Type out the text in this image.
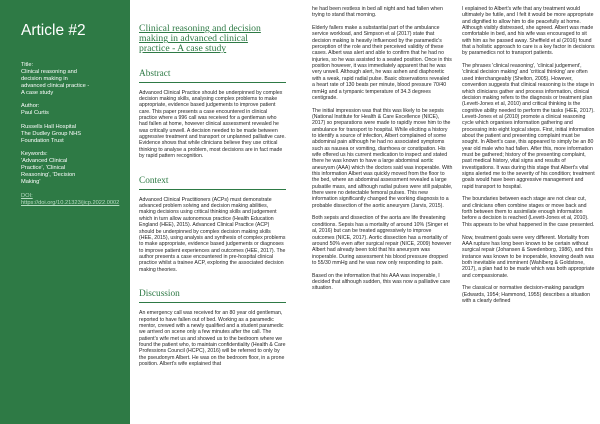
Article #2

Title:

Clinical reasoning and

decision making in

advanced clinical practice -

A case study

Author:

Paul Curtis

Russells Hall Hospital

The Dudley Group NHS

Foundation Trust

Keywords:

'Advanced Clinical

Practice', 'Clinical

Reasoning', 'Decision

Making'

DOI: https://doi.org/10.21323/jicp.2022.0002

Clinical reasoning and decision
making in advanced clinical
practice - A case study
Abstract

Advanced Clinical Practice should be underpinned by complex decision making skills, analysing complex problems to make appropriate, evidence based judgements to improve patient care. This paper presents a case encountered in clinical practice where a 996 call was received for a gentleman who had fallen at home, however clinical assessment revealed he was critically unwell. A decision needed to be made between aggressive treatment and transport or unplanned palliative care. Evidence shows that while clinicians believe they use critical thinking to analyse a problem, most decisions are in fact made by rapid pattern recognition.

Context

Advanced Clinical Practitioners (ACPs) must demonstrate advanced problem solving and decision making abilities, making decisions using critical thinking skills and judgement which in turn allow autonomous practice (Health Education England (HEE), 2015). Advanced Clinical Practice (ACP) should be underpinned by complex decision making skills (HEE, 2015), using analysis and synthesis of complex problems to make appropriate, evidence based judgements or diagnoses to improve patient experiences and outcomes (HEE, 2017). The author presents a case encountered in pre-hospital clinical practice whilst a trainee ACP, exploring the associated decision making theories.

Discussion

An emergency call was received for an 80 year old gentleman, reported to have fallen out of bed. Working as a paramedic mentor, crewed with a newly qualified and a student paramedic we arrived on scene only a few minutes after the call. The patient's wife met us and showed us to the bedroom where we found the patient who, to maintain confidentiality (Health & Care Professions Council (HCPC), 2016) will be referred to only by the pseudonym Albert. He was on the bedroom floor, in a prone position. Albert's wife explained that

he had been restless in bed all night and had fallen when trying to stand that morning.

Elderly fallers make a substantial part of the ambulance service workload, and Simpson et al (2017) state that decision making is heavily influenced by the paramedic's perception of the role and their perceived validity of these cases. Albert was alert and able to confirm that he had no injuries, so he was assisted to a seated position. Once in this position however, it was immediately apparent that he was very unwell. Although alert, he was ashen and diaphoretic with a weak, rapid radial pulse. Basic observations revealed a heart rate of 130 beats per minute, blood pressure 70/40 mmHg and a tympanic temperature of 34.3 degrees centigrade.

The initial impression was that this was likely to be sepsis (National Institute for Health & Care Excellence (NICE), 2017) so preparations were made to rapidly move him to the ambulance for transport to hospital. While eliciting a history to identify a source of infection, Albert complained of some abdominal pain although he had no associated symptoms such as nausea or vomiting, diarrhoea or constipation. His wife offered us his current medication to inspect and stated there he was known to have a large abdominal aortic aneurysm (AAA) which the doctors said was inoperable. With this information Albert was quickly moved from the floor to the bed, where an abdominal assessment revealed a large pulsatile mass, and although radial pulses were still palpable, there were no detectable femoral pulses. This new information significantly changed the working diagnosis to a probable dissection of the aortic aneurysm (Jarvis, 2015).

Both sepsis and dissection of the aorta are life threatening conditions. Sepsis has a mortality of around 10% (Singer et al, 2016) but can be treated aggressively to improve outcomes (NICE, 2017). Aortic dissection has a mortality of around 50% even after surgical repair (NICE, 2009) however Albert had already been told that his aneurysm was inoperable. During assessment his blood pressure dropped to 55/30 mmHg and he was now only responding to pain.

Based on the information that his AAA was inoperable, I decided that although sudden, this was now a palliative care situation.

I explained to Albert's wife that any treatment would ultimately be futile, and I felt it would be more appropriate and dignified to allow him to die peacefully at home. Although visibly distressed, she agreed. Albert was made comfortable in bed, and his wife was encouraged to sit with him as he passed away. Sheffield et al (2016) found that a holistic approach to care is a key factor in decisions by paramedics not to transport patients.

The phrases 'clinical reasoning', 'clinical judgement', 'clinical decision making' and 'critical thinking' are often used interchangeably (Shelton, 2005). However, convention suggests that clinical reasoning is the stage in which clinicians gather and process information, clinical decision making refers to the diagnosis or treatment plan (Levett-Jones et al, 2010) and critical thinking is the cognitive ability needed to perform the tasks (HEE, 2017). Levett-Jones et al (2010) promote a clinical reasoning cycle which organises information gathering and processing into eight logical steps. First, initial information about the patient and presenting complaint must be sought. In Albert's case, this appeared to simply be an 80 year old male who had fallen. After this, more information must be gathered; history of the presenting complaint, past medical history, vital signs and results of investigations. It was during this stage that Albert's vital signs alerted me to the severity of his condition; treatment goals would have been aggressive management and rapid transport to hospital.

The boundaries between each stage are not clear cut, and clinicians often combine stages or move back and forth between them to assimilate enough information before a decision is reached (Levett-Jones et al, 2010). This appears to be what happened in the case presented.

Now, treatment goals were very different. Mortality from AAA rupture has long been known to be certain without surgical repair (Johansen & Swedenborg, 1986), and this instance was known to be inoperable, knowing death was both inevitable and imminent (Wahlberg & Goldstone, 2017), a plan had to be made which was both appropriate and compassionate.

The classical or normative decision-making paradigm (Edwards, 1954; Hammond, 1955) describes a situation with a clearly defined
